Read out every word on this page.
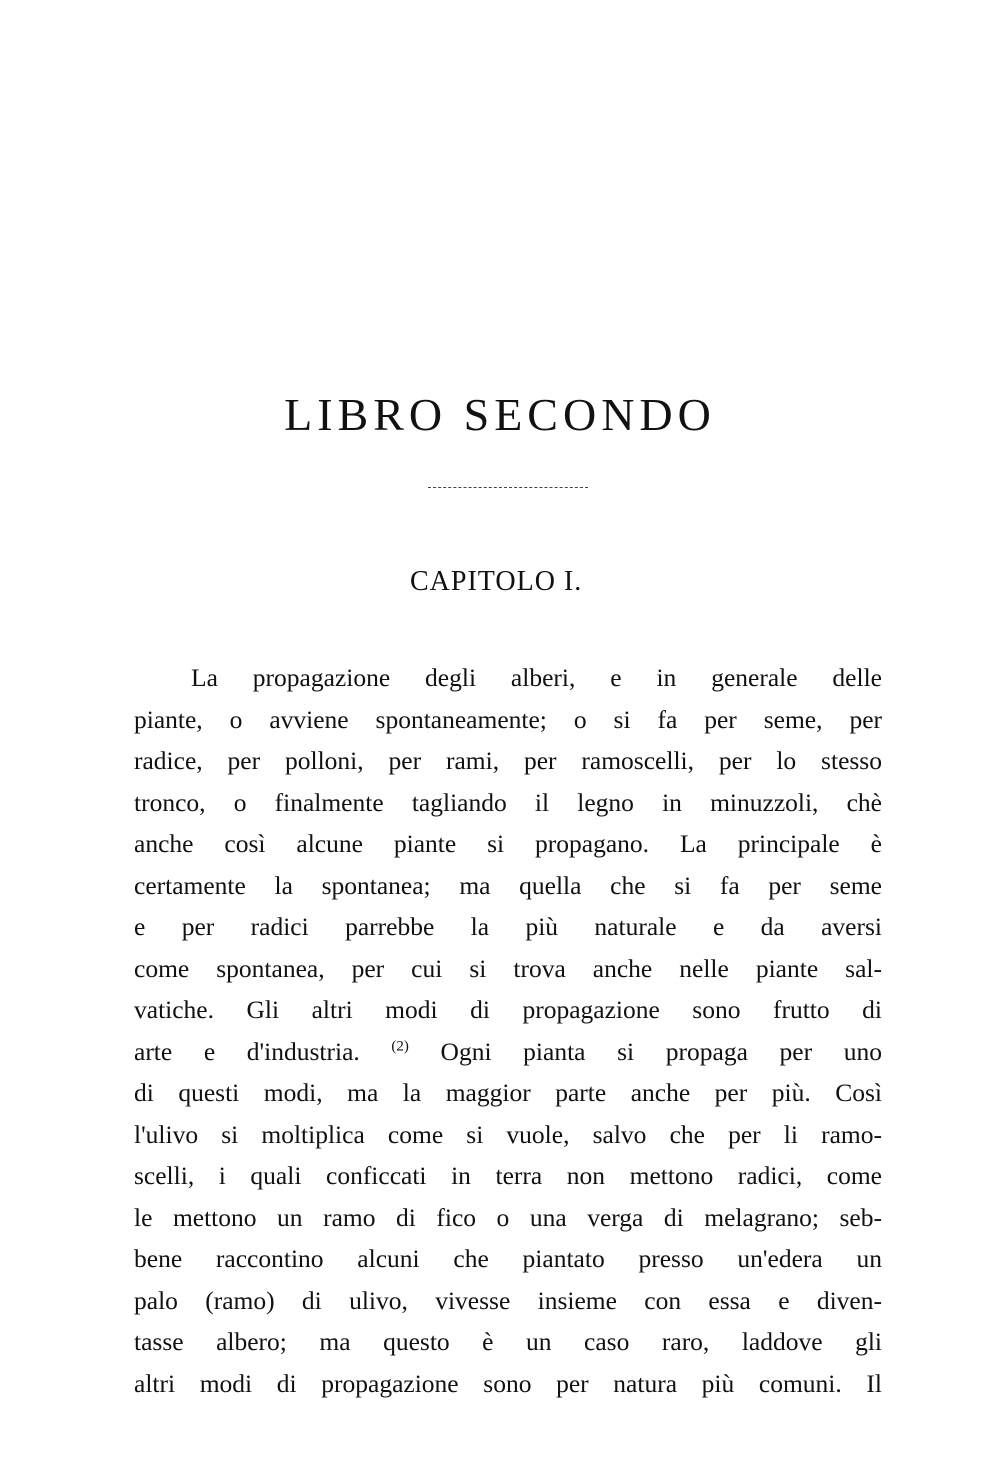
LIBRO SECONDO
CAPITOLO I.
La propagazione degli alberi, e in generale delle
piante, o avviene spontaneamente; o si fa per seme, per
radice, per polloni, per rami, per ramoscelli, per lo stesso
tronco, o finalmente tagliando il legno in minuzzoli, chè
anche così alcune piante si propagano. La principale è
certamente la spontanea; ma quella che si fa per seme
e per radici parrebbe la più naturale e da aversi
come spontanea, per cui si trova anche nelle piante sal-
vatiche. Gli altri modi di propagazione sono frutto di
arte e d'industria. $^{(2)}$ Ogni pianta si propaga per uno
di questi modi, ma la maggior parte anche per più. Così
l'ulivo si moltiplica come si vuole, salvo che per li ramo-
scelli, i quali conficcati in terra non mettono radici, come
le mettono un ramo di fico o una verga di melagrano; seb-
bene raccontino alcuni che piantato presso un'edera un
palo (ramo) di ulivo, vivesse insieme con essa e diven-
tasse albero; ma questo è un caso raro, laddove gli
altri modi di propagazione sono per natura più comuni. Il
